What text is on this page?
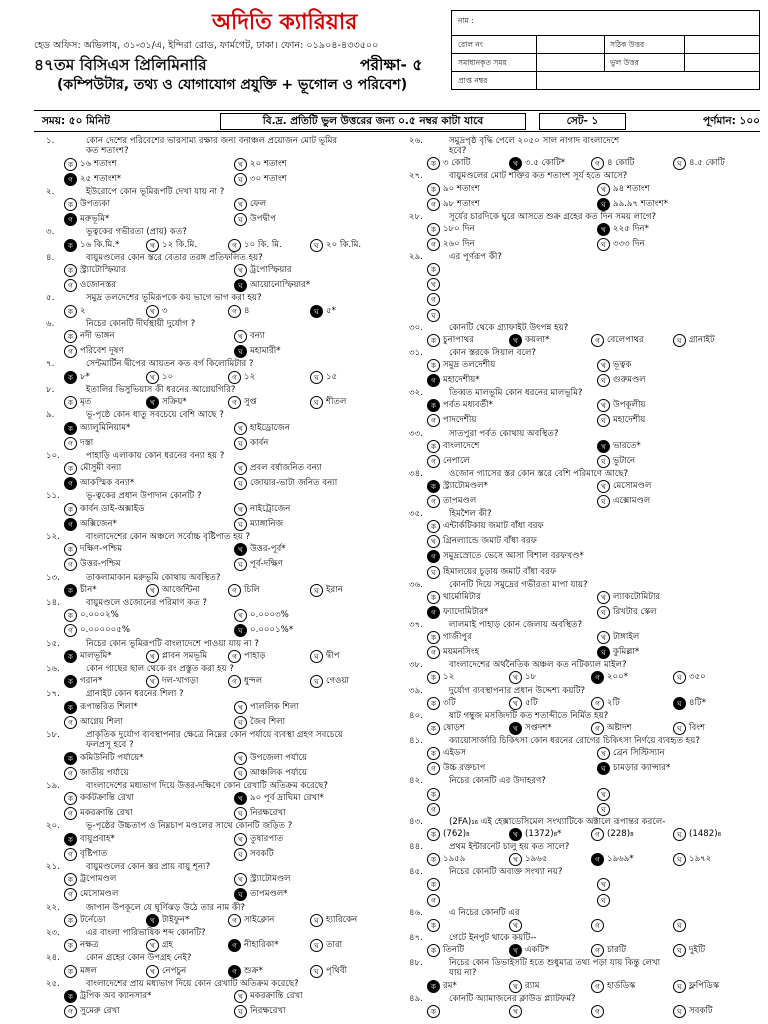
অদিতি ক্যারিয়ার
হেড অফিস: অভিলাষ, ৩১-৩১/এ, ইন্দিরা রোড, ফার্মগেট, ঢাকা। ফোন: ০১৯০৪-৪৩৩৫০০
৪৭তম বিসিএস প্রিলিমিনারি	পরীক্ষা- ৫
(কম্পিউটার, তথ্য ও যোগাযোগ প্রযুক্তি + ভূগোল ও পরিবেশ)
নাম :
রোল নং	সঠিক উত্তর
সমাধানকৃত সময়	ভুল উত্তর
প্রাপ্ত নম্বর
সময়: ৫০ মিনিট	বি.দ্র. প্রতিটি ভুল উত্তরের জন্য ০.৫ নম্বর কাটা যাবে	সেট- ১	পূর্ণমান: ১০০
১.	কোন দেশের পরিবেশের ভারসাম্য রক্ষার জন্য বনাঞ্চল প্রয়োজন মোট ভূমির
কত শতাংশ?
ক ১৬ শতাংশ	খ ২০ শতাংশ
গ ২৫ শতাংশ*	ঘ ৩০ শতাংশ
২.	ইউরোপে কোন ভূমিরূপটি দেখা যায় না ?
ক উপত্যকা	খ ফেল
গ মরুভূমি*	ঘ উপদ্বীপ
৩.	ভূত্বকের গভীরতা (প্রায়) কত?
ক ১৬ কি.মি.*	খ ১২ কি.মি.	গ ১০ কি. মি.	ঘ ২০ কি.মি.
৪.	বায়ুমণ্ডলের কোন স্তরে বেতার তরঙ্গ প্রতিফলিত হয়?
ক স্ট্র্যাটোস্ফিয়ার	খ ট্রপোস্ফিয়ার
গ ওজোনস্তর	ঘ আয়োনোস্ফিয়ার*
৫.	সমুদ্র তলদেশের ভূমিরূপকে কয় ভাগে ভাগ করা হয়?
ক ২	খ ৩	গ ৪	ঘ ৫*
৬.	নিচের কোনটি দীর্ঘস্থায়ী দুর্যোগ ?
ক নদী ভাঙ্গন	খ বন্যা
গ পরিবেশ দূষণ	ঘ মহামারী*
৭.	সেন্টমার্টিন দ্বীপের আয়তন কত বর্গ কিলোমিটার ?
ক ৮*	খ ১০	গ ১২	ঘ ১৫
৮.	ইতালির ভিসুভিয়াস কী ধরনের আগ্নেয়গিরি?
ক মৃত	খ সক্রিয়*	গ সুপ্ত	ঘ শীতল
৯.	ভূ-পৃষ্ঠে কোন ধাতু সবচেয়ে বেশি আছে ?
ক অ্যালুমিনিয়াম*	খ হাইড্রোজেন
গ দস্তা	ঘ কার্বন
১০.	পাহাড়ি এলাকায় কোন ধরনের বন্যা হয় ?
ক মৌসুমী বন্যা	খ প্রবল বর্ষাজনিত বন্যা
গ আকস্মিক বন্যা*	ঘ জোয়ার-ভাটা জনিত বন্যা
১১.	ভূ-ত্বকের প্রধান উপাদান কোনটি ?
ক কার্বন ডাই-অক্সাইড	খ নাইট্রোজেন
গ অক্সিজেন*	ঘ ম্যাঙ্গানিজ
১২.	বাংলাদেশের কোন অঞ্চলে সর্বোচ্চ বৃষ্টিপাত হয় ?
ক দক্ষিণ-পশ্চিম	খ উত্তর-পূর্ব*
গ উত্তর-পশ্চিম	ঘ পূর্ব-দক্ষিণ
১৩.	তাকলামাকান মরুভূমি কোথায় অবস্থিত?
ক চীন*	খ আর্জেন্টিনা	গ চিলি	ঘ ইরান
১৪.	বায়ুমণ্ডলে ওজোনের পরিমাণ কত ?
ক ০.০০০২%	খ ০.০০০৩%
গ ০.০০০০০৫%	ঘ ০.০০০১%*
১৫.	নিচের কোন ভূমিরূপটি বাংলাদেশে পাওয়া যায় না ?
ক মালভূমি*	খ প্লাবন সমভূমি	গ পাহাড়	ঘ দ্বীপ
১৬.	কোন গাছের ছাল থেকে রং প্রস্তুত করা হয় ?
ক গরান*	খ দল-খাগড়া	গ ধুন্দল	ঘ গেওয়া
১৭.	গ্রানাইট কোন ধরনের শিলা ?
ক রূপান্তরিত শিলা*	খ পাললিক শিলা
গ আগ্নেয় শিলা	ঘ জৈব শিলা
১৮.	প্রাকৃতিক দুর্যোগ ব্যবস্থাপনার ক্ষেত্রে নিম্নের কোন পর্যায়ে ব্যবস্থা গ্রহণ সবচেয়ে
ফলপ্রসূ হবে ?
ক কমিউনিটি পর্যায়ে*	খ উপজেলা পর্যায়ে
গ জাতীয় পর্যায়ে	ঘ আঞ্চলিক পর্যায়ে
১৯.	বাংলাদেশের মধ্যভাগ দিয়ে উত্তর-দক্ষিণে কোন রেখাটি অতিক্রম করেছে?
ক কর্কটক্রান্তি রেখা	খ ৯০ পূর্ব দ্রাঘিমা রেখা*
গ মকরক্রান্তি রেখা	ঘ নিরক্ষরেখা
২০.	ভূ-পৃষ্ঠের উচ্চতাপ ও নিম্নচাপ মণ্ডলের সাথে কোনটি জড়িত ?
ক বায়ুপ্রবাহ*	খ তুষারপাত
গ বৃষ্টিপাত	ঘ সবকটি
২১.	বায়ুমণ্ডলের কোন স্তর প্রায় বায়ু শূন্য?
ক ট্রপোমণ্ডল	খ স্ট্র্যাটোমণ্ডল
গ মেসোমণ্ডল	ঘ তাপমণ্ডল*
২২.	জাপান উপকূলে যে ঘূর্ণিঝড় উঠে তার নাম কী?
ক টর্নেডো	খ টাইফুন*	গ সাইক্লোন	ঘ হ্যারিকেন
২৩.	এর বাংলা পারিভাষিক শব্দ কোনটি?
ক নক্ষত্র	খ গ্রহ	গ নীহারিকা*	ঘ তারা
২৪.	কোন গ্রহের কোন উপগ্রহ নেই?
ক মঙ্গল	খ নেপচুন	গ শুক্র*	ঘ পৃথিবী
২৫.	বাংলাদেশের প্রায় মধ্যভাগ দিয়ে কোন রেখাটি অতিক্রম করেছে?
ক ট্রপিক অব ক্যানসার*	খ মকরক্রান্তি রেখা
গ সুমেরু রেখা	ঘ নিরক্ষরেখা
২৬.	সমুদ্রপৃষ্ঠ বৃদ্ধি পেলে ২০৫০ সাল নাগাদ বাংলাদেশে
হবে?
ক ৩ কোটি	খ ৩.৫ কোটি*	গ ৪ কোটি	ঘ ৪.৫ কোটি
২৭.	বায়ুমণ্ডলের মোট শক্তির কত শতাংশ সূর্য হতে আসে?
ক ৯০ শতাংশ	খ ৯৪ শতাংশ
গ ৯৮ শতাংশ	ঘ ৯৯.৯৭ শতাংশ*
২৮.	সূর্যের চারদিকে ঘুরে আসতে শুক্র গ্রহের কত দিন সময় লাগে?
ক ১৮০ দিন	খ ২২৫ দিন*
গ ২৬০ দিন	ঘ ৩৩৩ দিন
২৯.	এর পূর্ণরূপ কী?
ক
খ
গ
ঘ
৩০.	কোনটি থেকে গ্র্যাফাইট উৎপন্ন হয়?
ক চুনাপাথর	খ কয়লা*	গ বেলেপাথর	ঘ গ্রানাইট
৩১.	কোন স্তরকে সিয়াল বলে?
ক সমুদ্র তলদেশীয়	খ ভূত্বক
গ মহাদেশীয়*	ঘ গুরুমণ্ডল
৩২.	তিব্বত মালভূমি কোন ধরনের মালভূমি?
ক পর্বত মধ্যবর্তী*	খ উপকূলীয়
গ পাদদেশীয়	ঘ মহাদেশীয়
৩৩.	সাতপুরা পর্বত কোথায় অবস্থিত?
ক বাংলাদেশে	খ ভারতে*
গ নেপালে	ঘ ভুটানে
৩৪.	ওজোন গ্যাসের স্তর কোন স্তরে বেশি পরিমাণে আছে?
ক স্ট্র্যাটোমণ্ডল*	খ মেসোমণ্ডল
গ তাপমণ্ডল	ঘ এক্সোমণ্ডল
৩৫.	হিমশৈল কী?
ক এন্টার্কটিকায় জমাট বাঁধা বরফ
খ গ্রিনল্যান্ডে জমাট বাঁধা বরফ
গ সমুদ্রস্রোতে ভেসে আসা বিশাল বরফখণ্ড*
ঘ হিমালয়ের চূড়ায় জমাট বাঁধা বরফ
৩৬.	কোনটি দিয়ে সমুদ্রের গভীরতা মাপা যায়?
ক থার্মোমিটার	খ ল্যাকটোমিটার
গ ফ্যাদোমিটার*	ঘ রিখটার স্কেল
৩৭.	লালমাই পাহাড় কোন জেলায় অবস্থিত?
ক গাজীপুর	খ টাঙ্গাইল
গ ময়মনসিংহ	ঘ কুমিল্লা*
৩৮.	বাংলাদেশের অর্থনৈতিক অঞ্চল কত নটিক্যাল মাইল?
ক ১২	খ ১৮	গ ২০০*	ঘ ৩৫০
৩৯.	দুর্যোগ ব্যবস্থাপনার প্রধান উদ্দেশ্য কয়টি?
ক ৩টি	খ ৫টি	গ ২টি	ঘ ৪টি*
৪০.	ষাট গম্বুজ মসজিদটি কত শতাব্দীতে নির্মিত হয়?
ক ষোড়শ	খ সপ্তদশ*	গ অষ্টাদশ	ঘ বিংশ
৪১.	ক্যায়োসার্জারি চিকিৎসা কোন ধরনের রোগের চিকিৎসা নির্ণয়ে ব্যবহৃত হয়?
ক এইডস	খ ব্রেন সিস্টিস্যান
গ উচ্চ রক্তচাপ	ঘ চামড়ার ক্যান্সার*
৪২.	নিচের কোনটি এর উদাহরণ?
ক	খ
গ	ঘ
৪৩.	(2FA)₁₆ এই হেক্সাডেসিমেল সংখ্যাটিকে অক্টালে রূপান্তর করলে-
ক (762)₈	খ (1372)₈*	গ (228)₈	ঘ (1482)₈
৪৪.	প্রথম ইন্টারনেট চালু হয় কত সালে?
ক ১৯৫৯	খ ১৯৬৫	গ ১৯৬৯*	ঘ ১৯৭২
৪৫.	নিচের কোনটি অব্যক্ত সংখ্যা নয়?
ক	খ
গ	ঘ
৪৬.	এ নিচের কোনটি এর
ক	খ	গ	ঘ
৪৭.	গেটে ইনপুট থাকে কয়টি--
ক তিনটি	খ একটি*	গ চারটি	ঘ দুইটি
৪৮.	নিচের কোন ডিভাইসটি হতে শুধুমাত্র তথ্য পড়া যায় কিন্তু লেখা
যায় না?
ক রম*	খ র‍্যাম	গ হার্ডডিস্ক	ঘ ফ্লপিডিস্ক
৪৯.	কোনটি অ্যামাজনের ক্লাউড প্ল্যাটফর্ম?
ক	খ	গ	ঘ সবকটি
